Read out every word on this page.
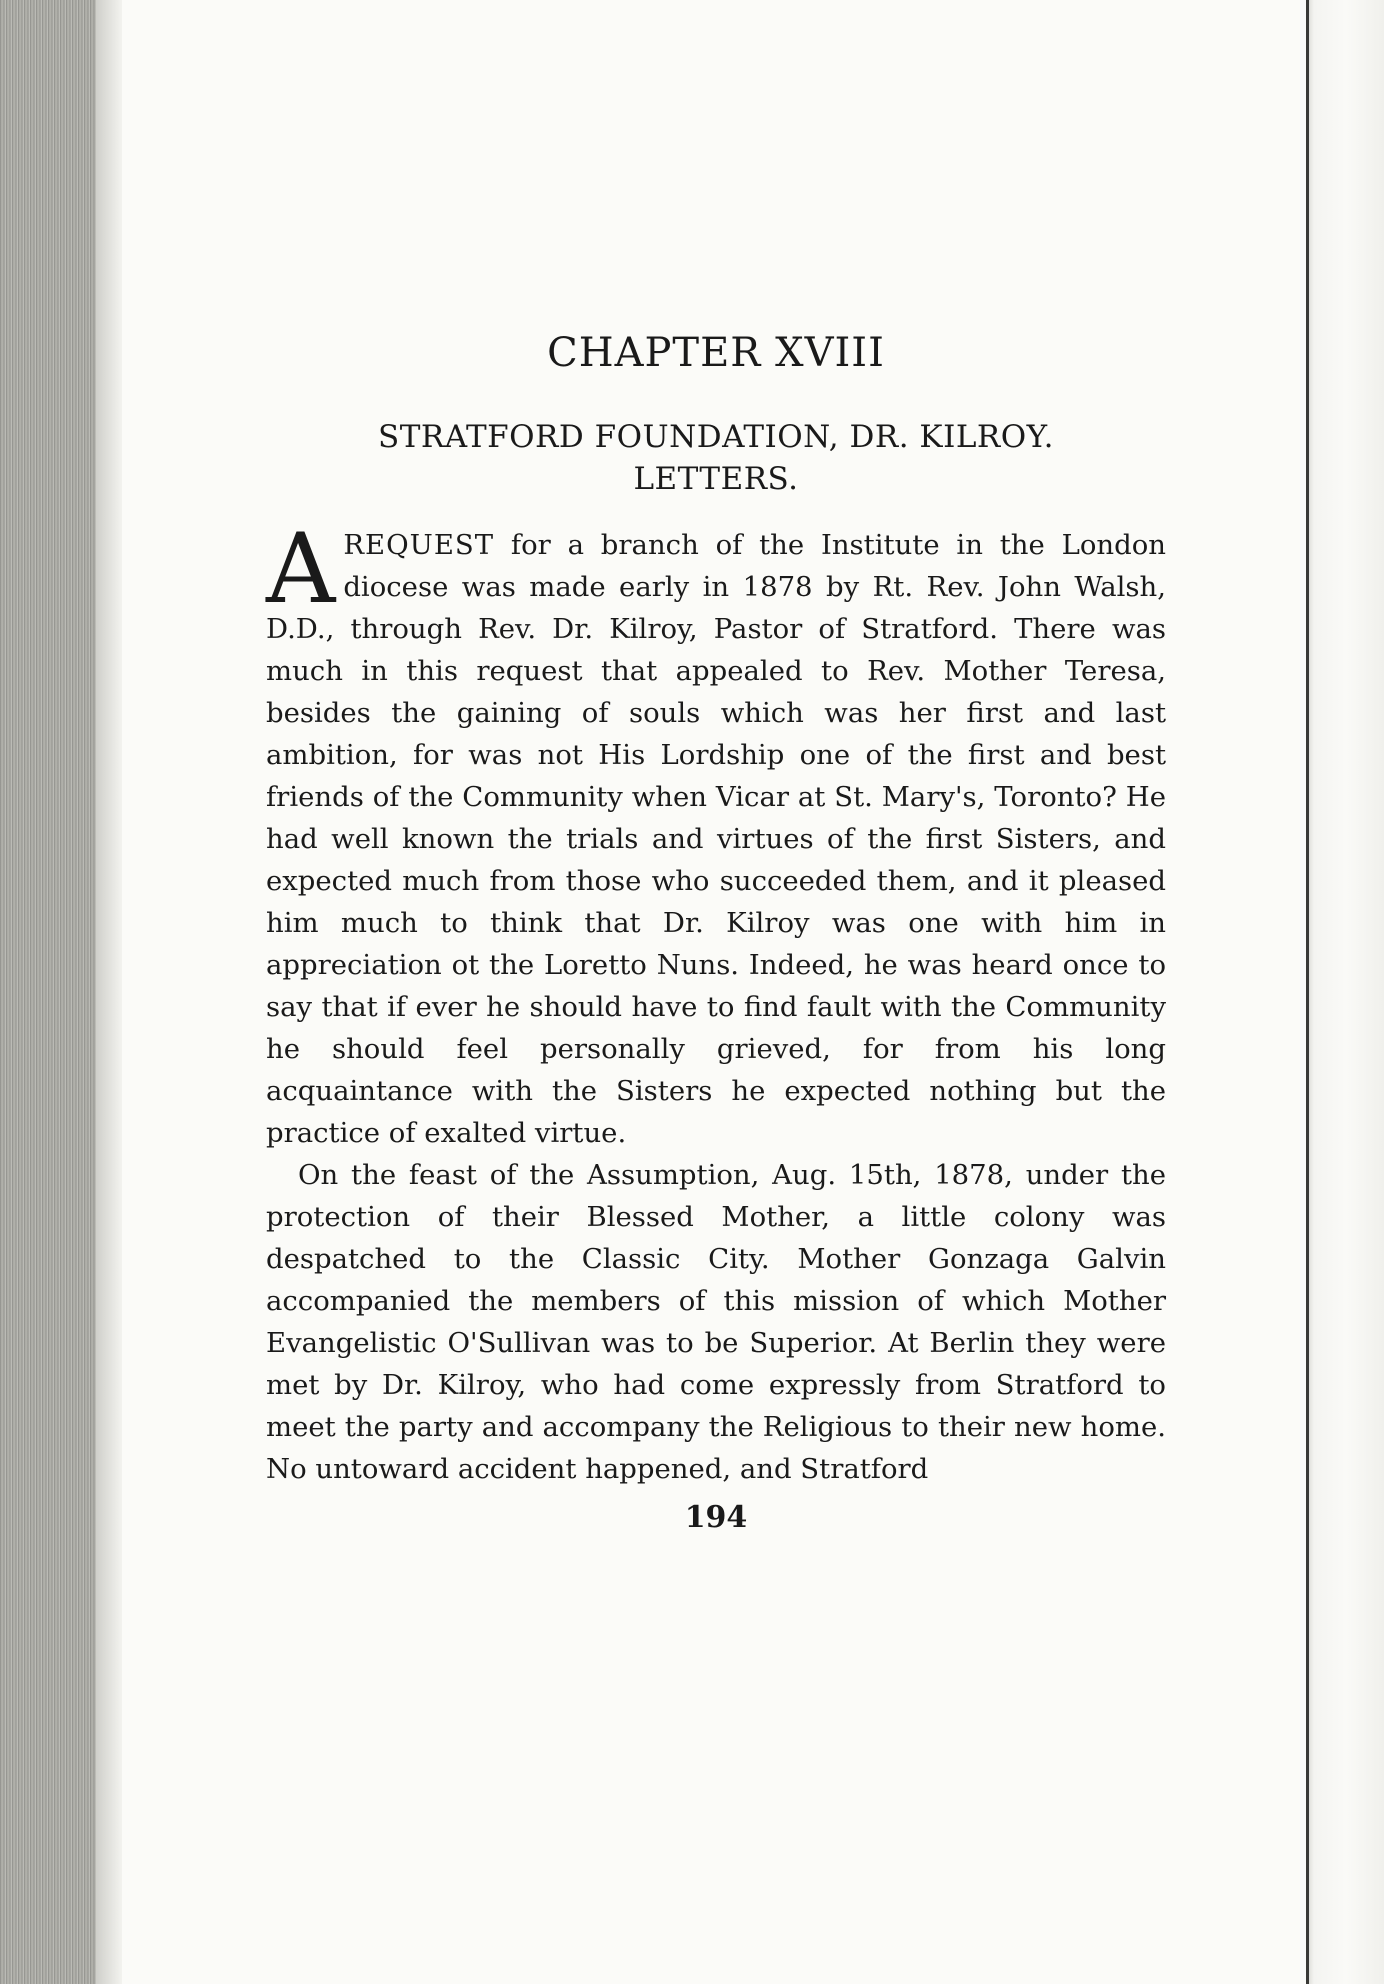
CHAPTER XVIII
STRATFORD FOUNDATION, DR. KILROY.
LETTERS.

AREQUEST for a branch of the Institute in the London diocese was made early in 1878 by Rt. Rev. John Walsh, D.D., through Rev. Dr. Kilroy, Pastor of Stratford. There was much in this request that appealed to Rev. Mother Teresa, besides the gaining of souls which was her first and last ambition, for was not His Lordship one of the first and best friends of the Community when Vicar at St. Mary's, Toronto? He had well known the trials and virtues of the first Sisters, and expected much from those who succeeded them, and it pleased him much to think that Dr. Kilroy was one with him in appreciation ot the Loretto Nuns. Indeed, he was heard once to say that if ever he should have to find fault with the Community he should feel personally grieved, for from his long acquaintance with the Sisters he expected nothing but the practice of exalted virtue.

On the feast of the Assumption, Aug. 15th, 1878, under the protection of their Blessed Mother, a little colony was despatched to the Classic City. Mother Gonzaga Galvin accompanied the members of this mission of which Mother Evangelistic O'Sullivan was to be Superior. At Berlin they were met by Dr. Kilroy, who had come expressly from Stratford to meet the party and accompany the Religious to their new home. No untoward accident happened, and Stratford

194
